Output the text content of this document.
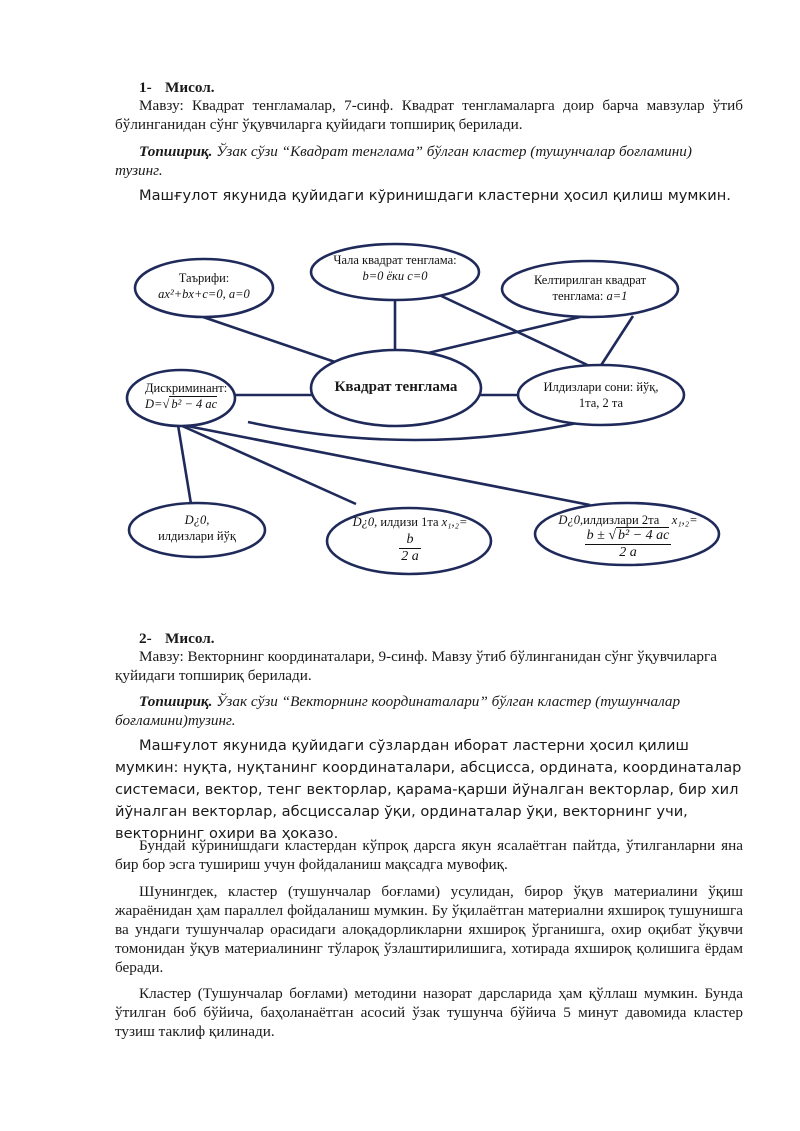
1- Мисол.

Мавзу: Квадрат тенгламалар, 7-синф. Квадрат тенгламаларга доир барча мавзулар ўтиб бўлинганидан сўнг ўқувчиларга қуйидаги топшириқ берилади.

Топшириқ. Ўзак сўзи “Квадрат тенглама” бўлган кластер (тушунчалар боғламини) тузинг.

Машғулот якунида қуйидаги кўринишдаги кластерни ҳосил қилиш мумкин.

Таърифи:
ax²+bx+c=0, a=0
Чала квадрат тенглама:
b=0 ёки c=0	Келтирилган квадрат
тенглама: a=1
Квадрат тенглама
Дискриминант:
D=√ b² − 4 ac
Илдизлари сони: йўқ,
1та, 2 та
D¿0,
илдизлари йўқ
D¿0, илдизи 1та x₁,₂=
$\frac{b}{2 a}$
D¿0,илдизлари 2та x₁,₂=
$\frac{\text{b ± √ b² − 4 ac}}{2 a}$

2- Мисол.

Мавзу: Векторнинг координаталари, 9-синф. Мавзу ўтиб бўлинганидан сўнг ўқувчиларга қуйидаги топшириқ берилади.

Топшириқ. Ўзак сўзи “Векторнинг координаталари” бўлган кластер (тушунчалар боғламини)тузинг.

Машғулот якунида қуйидаги сўзлардан иборат ластерни ҳосил қилиш мумкин: нуқта, нуқтанинг координаталари, абсцисса, ордината, координаталар системаси, вектор, тенг векторлар, қарама-қарши йўналган векторлар, бир хил йўналган векторлар, абсциссалар ўқи, ординаталар ўқи, векторнинг учи, векторнинг охири ва ҳоказо.

Бундай кўринишдаги кластердан кўпроқ дарсга якун ясалаётган пайтда, ўтилганларни яна бир бор эсга тушириш учун фойдаланиш мақсадга мувофиқ.

Шунингдек, кластер (тушунчалар боғлами) усулидан, бирор ўқув материалини ўқиш жараёнидан ҳам параллел фойдаланиш мумкин. Бу ўқилаётган материални яхшироқ тушунишга ва ундаги тушунчалар орасидаги алоқадорликларни яхшироқ ўрганишга, охир оқибат ўқувчи томонидан ўқув материалининг тўлароқ ўзлаштирилишига, хотирада яхшироқ қолишига ёрдам беради.

Кластер (Тушунчалар боғлами) методини назорат дарсларида ҳам қўллаш мумкин. Бунда ўтилган боб бўйича, баҳоланаётган асосий ўзак тушунча бўйича 5 минут давомида кластер тузиш таклиф қилинади.
